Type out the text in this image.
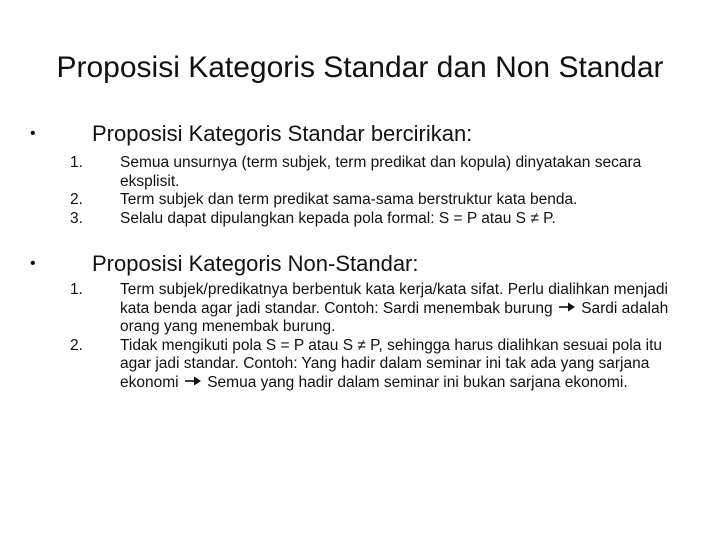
Proposisi Kategoris Standar dan Non Standar
•	Proposisi Kategoris Standar bercirikan:
1.	Semua unsurnya (term subjek, term predikat dan kopula) dinyatakan secara eksplisit.
2.	Term subjek dan term predikat sama-sama berstruktur kata benda.
3.	Selalu dapat dipulangkan kepada pola formal: S = P atau S ≠ P.
•	Proposisi Kategoris Non-Standar:
1.	Term subjek/predikatnya berbentuk kata kerja/kata sifat. Perlu dialihkan menjadi kata benda agar jadi standar. Contoh: Sardi menembak burung Sardi adalah orang yang menembak burung.
2.	Tidak mengikuti pola S = P atau S ≠ P, sehingga harus dialihkan sesuai pola itu agar jadi standar. Contoh: Yang hadir dalam seminar ini tak ada yang sarjana ekonomi Semua yang hadir dalam seminar ini bukan sarjana ekonomi.
